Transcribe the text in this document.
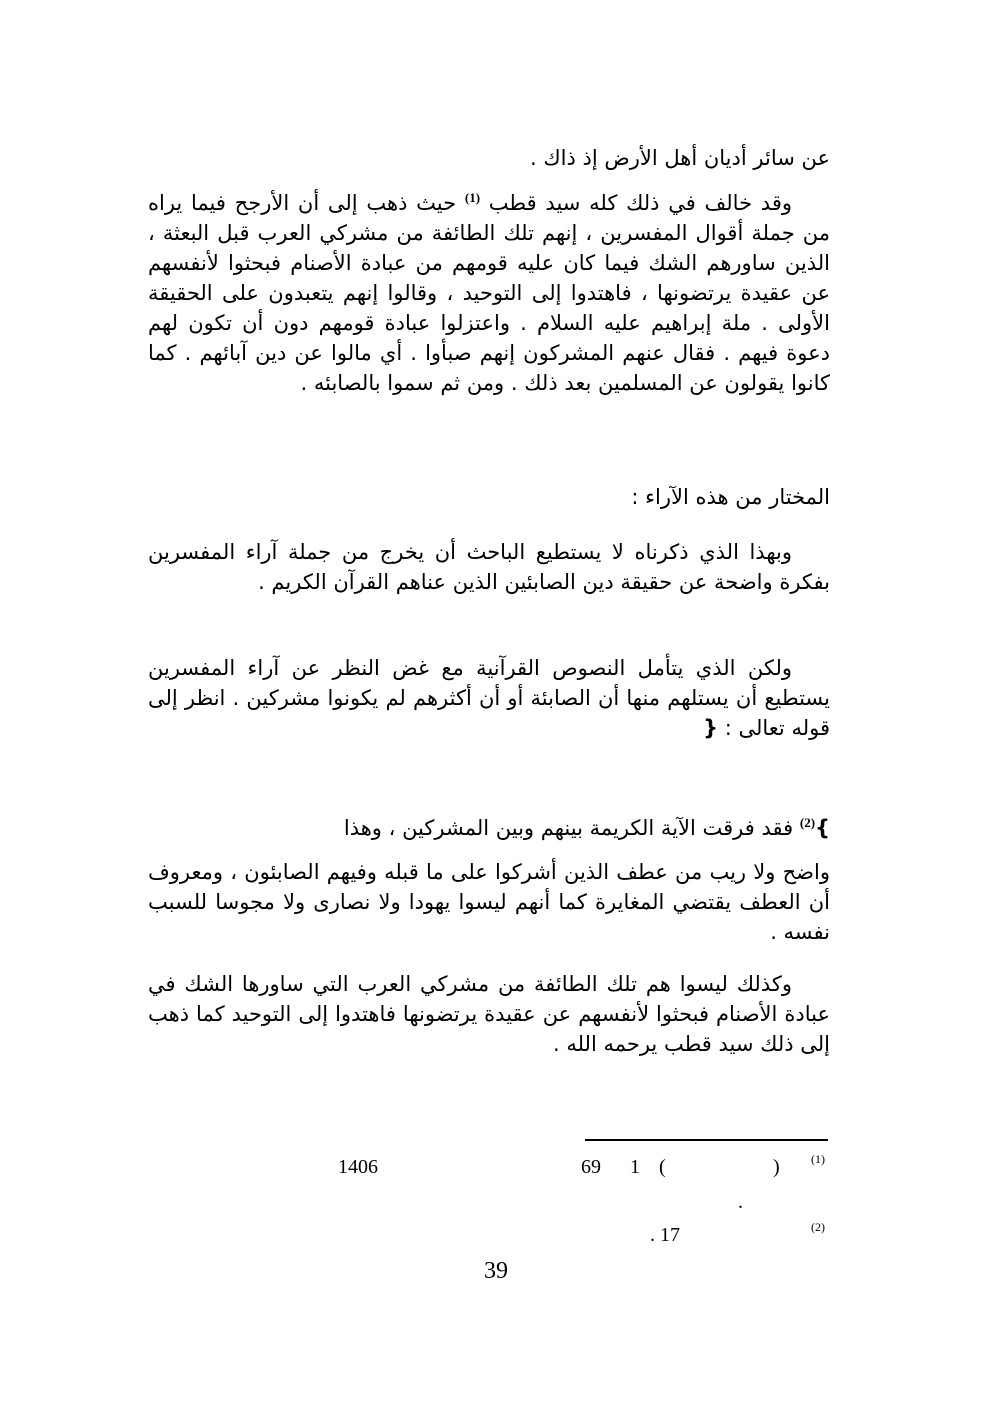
عن سائر أديان أهل الأرض إذ ذاك .

وقد خالف في ذلك كله سيد قطب $^{(1)}$ حيث ذهب إلى أن الأرجح فيما يراه من جملة أقوال المفسرين ، إنهم تلك الطائفة من مشركي العرب قبل البعثة ، الذين ساورهم الشك فيما كان عليه قومهم من عبادة الأصنام فبحثوا لأنفسهم عن عقيدة يرتضونها ، فاهتدوا إلى التوحيد ، وقالوا إنهم يتعبدون على الحقيقة الأولى . ملة إبراهيم عليه السلام . واعتزلوا عبادة قومهم دون أن تكون لهم دعوة فيهم . فقال عنهم المشركون إنهم صبأوا . أي مالوا عن دين آبائهم . كما كانوا يقولون عن المسلمين بعد ذلك . ومن ثم سموا بالصابئه .

المختار من هذه الآراء :

وبهذا الذي ذكرناه لا يستطيع الباحث أن يخرج من جملة آراء المفسرين بفكرة واضحة عن حقيقة دين الصابئين الذين عناهم القرآن الكريم .

ولكن الذي يتأمل النصوص القرآنية مع غض النظر عن آراء المفسرين يستطيع أن يستلهم منها أن الصابئة أو أن أكثرهم لم يكونوا مشركين . انظر إلى قوله تعالى : {

}$^{(2)}$ فقد فرقت الآية الكريمة بينهم وبين المشركين ، وهذا

واضح ولا ريب من عطف الذين أشركوا على ما قبله وفيهم الصابئون ، ومعروف أن العطف يقتضي المغايرة كما أنهم ليسوا يهودا ولا نصارى ولا مجوسا للسبب نفسه .

وكذلك ليسوا هم تلك الطائفة من مشركي العرب التي ساورها الشك في عبادة الأصنام فبحثوا لأنفسهم عن عقيدة يرتضونها فاهتدوا إلى التوحيد كما ذهب إلى ذلك سيد قطب يرحمه الله .

(1)
)
(
1
69
1406
.
(2)
. 17
39
